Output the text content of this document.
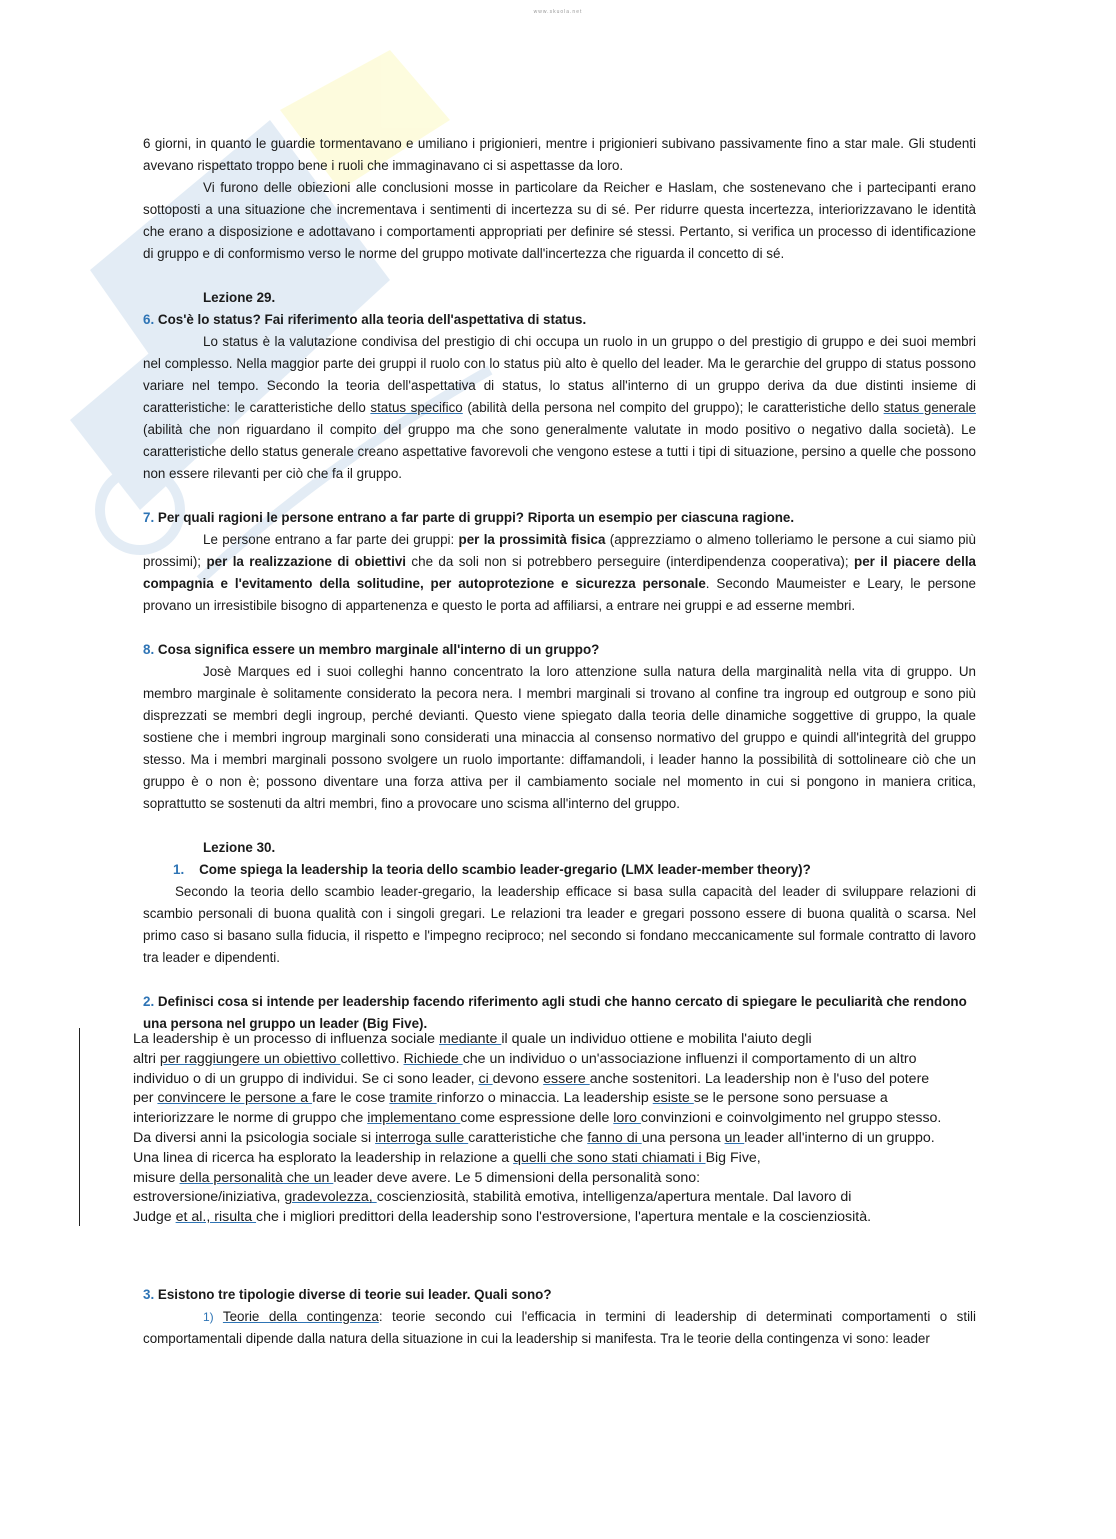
www.skuola.net

6 giorni, in quanto le guardie tormentavano e umiliano i prigionieri, mentre i prigionieri subivano passivamente fino a star male. Gli studenti avevano rispettato troppo bene i ruoli che immaginavano ci si aspettasse da loro.

Vi furono delle obiezioni alle conclusioni mosse in particolare da Reicher e Haslam, che sostenevano che i partecipanti erano sottoposti a una situazione che incrementava i sentimenti di incertezza su di sé. Per ridurre questa incertezza, interiorizzavano le identità che erano a disposizione e adottavano i comportamenti appropriati per definire sé stessi. Pertanto, si verifica un processo di identificazione di gruppo e di conformismo verso le norme del gruppo motivate dall'incertezza che riguarda il concetto di sé.

Lezione 29.
6. Cos'è lo status? Fai riferimento alla teoria dell'aspettativa di status.

Lo status è la valutazione condivisa del prestigio di chi occupa un ruolo in un gruppo o del prestigio di gruppo e dei suoi membri nel complesso. Nella maggior parte dei gruppi il ruolo con lo status più alto è quello del leader. Ma le gerarchie del gruppo di status possono variare nel tempo. Secondo la teoria dell'aspettativa di status, lo status all'interno di un gruppo deriva da due distinti insieme di caratteristiche: le caratteristiche dello status specifico (abilità della persona nel compito del gruppo); le caratteristiche dello status generale (abilità che non riguardano il compito del gruppo ma che sono generalmente valutate in modo positivo o negativo dalla società). Le caratteristiche dello status generale creano aspettative favorevoli che vengono estese a tutti i tipi di situazione, persino a quelle che possono non essere rilevanti per ciò che fa il gruppo.

7. Per quali ragioni le persone entrano a far parte di gruppi? Riporta un esempio per ciascuna ragione.

Le persone entrano a far parte dei gruppi: per la prossimità fisica (apprezziamo o almeno tolleriamo le persone a cui siamo più prossimi); per la realizzazione di obiettivi che da soli non si potrebbero perseguire (interdipendenza cooperativa); per il piacere della compagnia e l'evitamento della solitudine, per autoprotezione e sicurezza personale. Secondo Maumeister e Leary, le persone provano un irresistibile bisogno di appartenenza e questo le porta ad affiliarsi, a entrare nei gruppi e ad esserne membri.

8. Cosa significa essere un membro marginale all'interno di un gruppo?

Josè Marques ed i suoi colleghi hanno concentrato la loro attenzione sulla natura della marginalità nella vita di gruppo. Un membro marginale è solitamente considerato la pecora nera. I membri marginali si trovano al confine tra ingroup ed outgroup e sono più disprezzati se membri degli ingroup, perché devianti. Questo viene spiegato dalla teoria delle dinamiche soggettive di gruppo, la quale sostiene che i membri ingroup marginali sono considerati una minaccia al consenso normativo del gruppo e quindi all'integrità del gruppo stesso. Ma i membri marginali possono svolgere un ruolo importante: diffamandoli, i leader hanno la possibilità di sottolineare ciò che un gruppo è o non è; possono diventare una forza attiva per il cambiamento sociale nel momento in cui si pongono in maniera critica, soprattutto se sostenuti da altri membri, fino a provocare uno scisma all'interno del gruppo.

Lezione 30.
1. Come spiega la leadership la teoria dello scambio leader-gregario (LMX leader-member theory)?

Secondo la teoria dello scambio leader-gregario, la leadership efficace si basa sulla capacità del leader di sviluppare relazioni di scambio personali di buona qualità con i singoli gregari. Le relazioni tra leader e gregari possono essere di buona qualità o scarsa. Nel primo caso si basano sulla fiducia, il rispetto e l'impegno reciproco; nel secondo si fondano meccanicamente sul formale contratto di lavoro tra leader e dipendenti.

2. Definisci cosa si intende per leadership facendo riferimento agli studi che hanno cercato di spiegare le peculiarità che rendono una persona nel gruppo un leader (Big Five).

La leadership è un processo di influenza sociale mediante il quale un individuo ottiene e mobilita l'aiuto degli

altri per raggiungere un obiettivo collettivo. Richiede che un individuo o un'associazione influenzi il comportamento di un altro

individuo o di un gruppo di individui. Se ci sono leader, ci devono essere anche sostenitori. La leadership non è l'uso del potere

per convincere le persone a fare le cose tramite rinforzo o minaccia. La leadership esiste se le persone sono persuase a

interiorizzare le norme di gruppo che implementano come espressione delle loro convinzioni e coinvolgimento nel gruppo stesso.

Da diversi anni la psicologia sociale si interroga sulle caratteristiche che fanno di una persona un leader all'interno di un gruppo.

Una linea di ricerca ha esplorato la leadership in relazione a quelli che sono stati chiamati i Big Five,

misure della personalità che un leader deve avere. Le 5 dimensioni della personalità sono:

estroversione/iniziativa, gradevolezza, coscienziosità, stabilità emotiva, intelligenza/apertura mentale. Dal lavoro di

Judge et al., risulta che i migliori predittori della leadership sono l'estroversione, l'apertura mentale e la coscienziosità.

3. Esistono tre tipologie diverse di teorie sui leader. Quali sono?

1) Teorie della contingenza: teorie secondo cui l'efficacia in termini di leadership di determinati comportamenti o stili comportamentali dipende dalla natura della situazione in cui la leadership si manifesta. Tra le teorie della contingenza vi sono: leader
